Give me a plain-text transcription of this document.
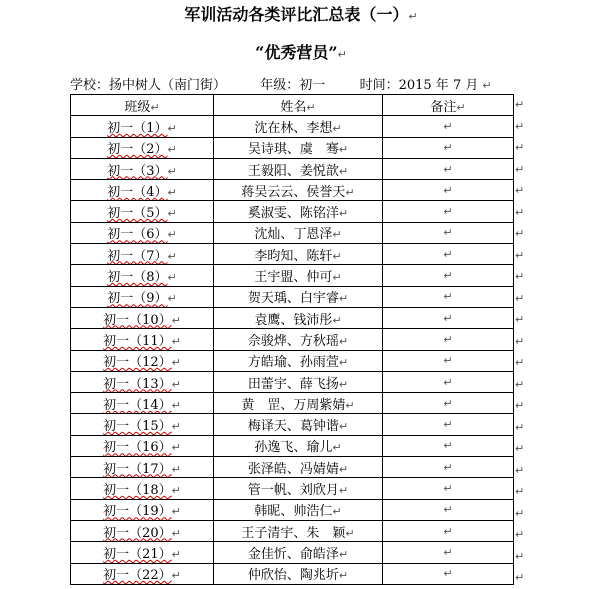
军训活动各类评比汇总表（一）↵
“优秀营员”↵
学校：扬中树人（南门街）	年级：初一	时间：2015 年 7 月 ↵
班级↵	姓名↵	备注↵
初一（1）↵	沈在林、李想↵	↵
初一（2）↵	吴诗琪、虞　骞↵	↵
初一（3）↵	王毅阳、姜悦歆↵	↵
初一（4）↵	蒋吴云云、侯誉天↵	↵
初一（5）↵	奚淑雯、陈铭洋↵	↵
初一（6）↵	沈灿、丁恩泽↵	↵
初一（7）↵	李昀知、陈轩↵	↵
初一（8）↵	王宇盟、仲可↵	↵
初一（9）↵	贺天瑀、白宇睿↵	↵
初一（10）↵	袁鹰、钱沛彤↵	↵
初一（11）↵	佘骏烨、方秋瑶↵	↵
初一（12）↵	方皓瑜、孙雨萱↵	↵
初一（13）↵	田蕾宇、薛飞扬↵	↵
初一（14）↵	黄　罡、万周紫婧↵	↵
初一（15）↵	梅译天、葛钟谐↵	↵
初一（16）↵	孙逸飞、瑜儿↵	↵
初一（17）↵	张泽皓、冯婧婧↵	↵
初一（18）↵	管一帆、刘欣月↵	↵
初一（19）↵	韩昵、帅浩仁↵	↵
初一（20）↵	王子清宇、朱　颖↵	↵
初一（21）↵	金佳忻、俞皓泽↵	↵
初一（22）↵	仲欣怡、陶兆圻↵	↵
↵
↵
↵
↵
↵
↵
↵
↵
↵
↵
↵
↵
↵
↵
↵
↵
↵
↵
↵
↵
↵
↵
↵
